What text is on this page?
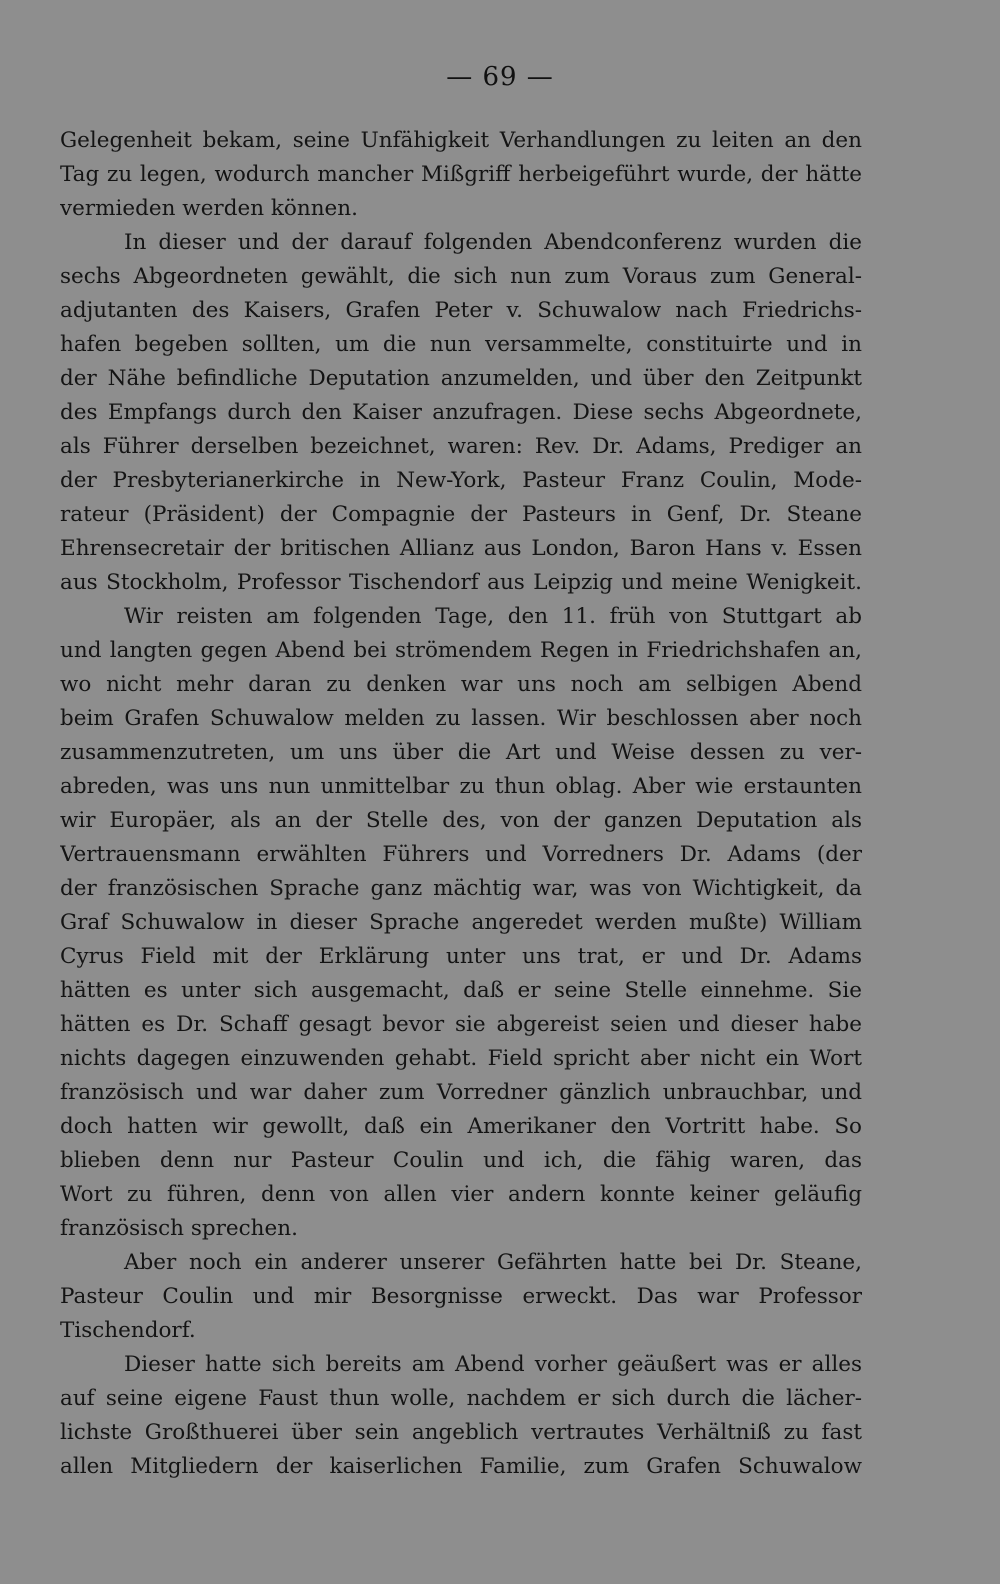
— 69 —
Gelegenheit bekam, seine Unfähigkeit Verhandlungen zu leiten an den
Tag zu legen, wodurch mancher Mißgriff herbeigeführt wurde, der hätte
vermieden werden können.
In dieser und der darauf folgenden Abendconferenz wurden die
sechs Abgeordneten gewählt, die sich nun zum Voraus zum General-
adjutanten des Kaisers, Grafen Peter v. Schuwalow nach Friedrichs-
hafen begeben sollten, um die nun versammelte, constituirte und in
der Nähe befindliche Deputation anzumelden, und über den Zeitpunkt
des Empfangs durch den Kaiser anzufragen. Diese sechs Abgeordnete,
als Führer derselben bezeichnet, waren: Rev. Dr. Adams, Prediger an
der Presbyterianerkirche in New-York, Pasteur Franz Coulin, Mode-
rateur (Präsident) der Compagnie der Pasteurs in Genf, Dr. Steane
Ehrensecretair der britischen Allianz aus London, Baron Hans v. Essen
aus Stockholm, Professor Tischendorf aus Leipzig und meine Wenigkeit.
Wir reisten am folgenden Tage, den 11. früh von Stuttgart ab
und langten gegen Abend bei strömendem Regen in Friedrichshafen an,
wo nicht mehr daran zu denken war uns noch am selbigen Abend
beim Grafen Schuwalow melden zu lassen. Wir beschlossen aber noch
zusammenzutreten, um uns über die Art und Weise dessen zu ver-
abreden, was uns nun unmittelbar zu thun oblag. Aber wie erstaunten
wir Europäer, als an der Stelle des, von der ganzen Deputation als
Vertrauensmann erwählten Führers und Vorredners Dr. Adams (der
der französischen Sprache ganz mächtig war, was von Wichtigkeit, da
Graf Schuwalow in dieser Sprache angeredet werden mußte) William
Cyrus Field mit der Erklärung unter uns trat, er und Dr. Adams
hätten es unter sich ausgemacht, daß er seine Stelle einnehme. Sie
hätten es Dr. Schaff gesagt bevor sie abgereist seien und dieser habe
nichts dagegen einzuwenden gehabt. Field spricht aber nicht ein Wort
französisch und war daher zum Vorredner gänzlich unbrauchbar, und
doch hatten wir gewollt, daß ein Amerikaner den Vortritt habe. So
blieben denn nur Pasteur Coulin und ich, die fähig waren, das
Wort zu führen, denn von allen vier andern konnte keiner geläufig
französisch sprechen.
Aber noch ein anderer unserer Gefährten hatte bei Dr. Steane,
Pasteur Coulin und mir Besorgnisse erweckt. Das war Professor
Tischendorf.
Dieser hatte sich bereits am Abend vorher geäußert was er alles
auf seine eigene Faust thun wolle, nachdem er sich durch die lächer-
lichste Großthuerei über sein angeblich vertrautes Verhältniß zu fast
allen Mitgliedern der kaiserlichen Familie, zum Grafen Schuwalow
